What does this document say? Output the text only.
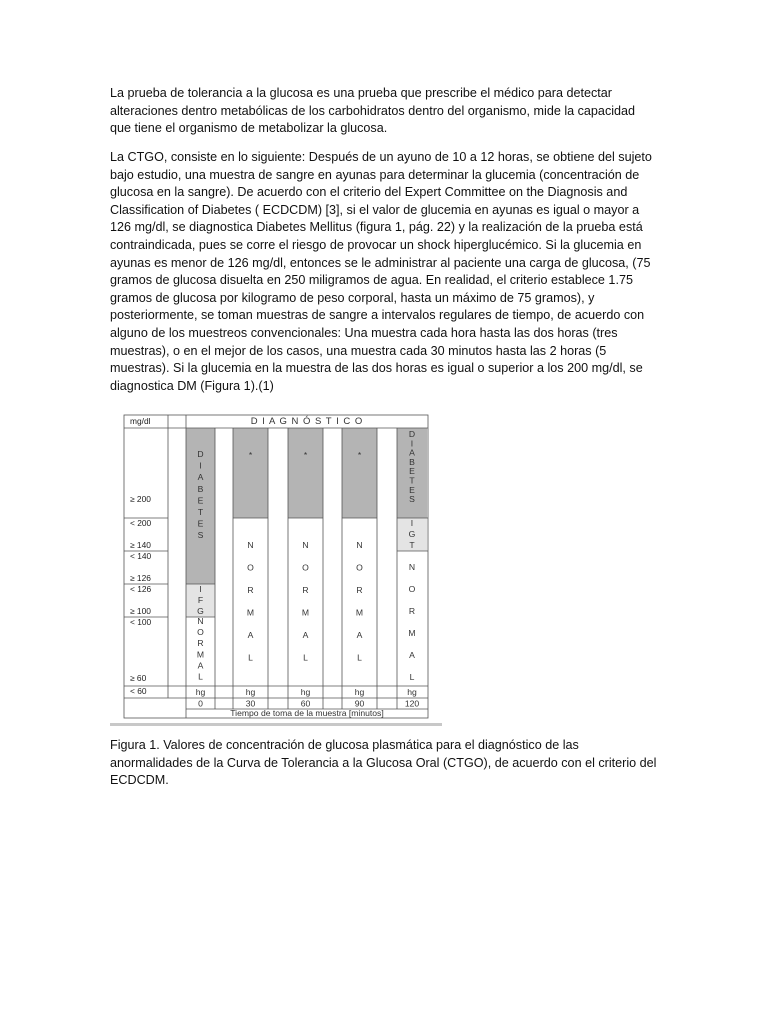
La prueba de tolerancia a la glucosa es una prueba que prescribe el médico para detectar alteraciones dentro metabólicas de los carbohidratos dentro del organismo, mide la capacidad que tiene el organismo de metabolizar la glucosa.

La CTGO, consiste en lo siguiente: Después de un ayuno de 10 a 12 horas, se obtiene del sujeto bajo estudio, una muestra de sangre en ayunas para determinar la glucemia (concentración de glucosa en la sangre). De acuerdo con el criterio del Expert Committee on the Diagnosis and Classification of Diabetes ( ECDCDM) [3], si el valor de glucemia en ayunas es igual o mayor a 126 mg/dl, se diagnostica Diabetes Mellitus (figura 1, pág. 22) y la realización de la prueba está contraindicada, pues se corre el riesgo de provocar un shock hiperglucémico. Si la glucemia en ayunas es menor de 126 mg/dl, entonces se le administrar al paciente una carga de glucosa, (75 gramos de glucosa disuelta en 250 miligramos de agua. En realidad, el criterio establece 1.75 gramos de glucosa por kilogramo de peso corporal, hasta un máximo de 75 gramos), y posteriormente, se toman muestras de sangre a intervalos regulares de tiempo, de acuerdo con alguno de los muestreos convencionales: Una muestra cada hora hasta las dos horas (tres muestras), o en el mejor de los casos, una muestra cada 30 minutos hasta las 2 horas (5 muestras). Si la glucemia en la muestra de las dos horas es igual o superior a los 200 mg/dl, se diagnostica DM (Figura 1).(1)

mg/dl	D I A G N Ó S T I C O
≥ 200
< 200
≥ 140
< 140
≥ 126
< 126
≥ 100
< 100
≥ 60
< 60
Tiempo de toma de la muestra [minutos]
D I A B E T E S
I F G
N O R M A L
*
N O R M A L
*
N O R M A L
*
N O R M A L
D I A B E T E S
I G T
N O R M A L
hg
0
hg
30
hg
60
hg
90
hg
120

Figura 1. Valores de concentración de glucosa plasmática para el diagnóstico de las anormalidades de la Curva de Tolerancia a la Glucosa Oral (CTGO), de acuerdo con el criterio del ECDCDM.
